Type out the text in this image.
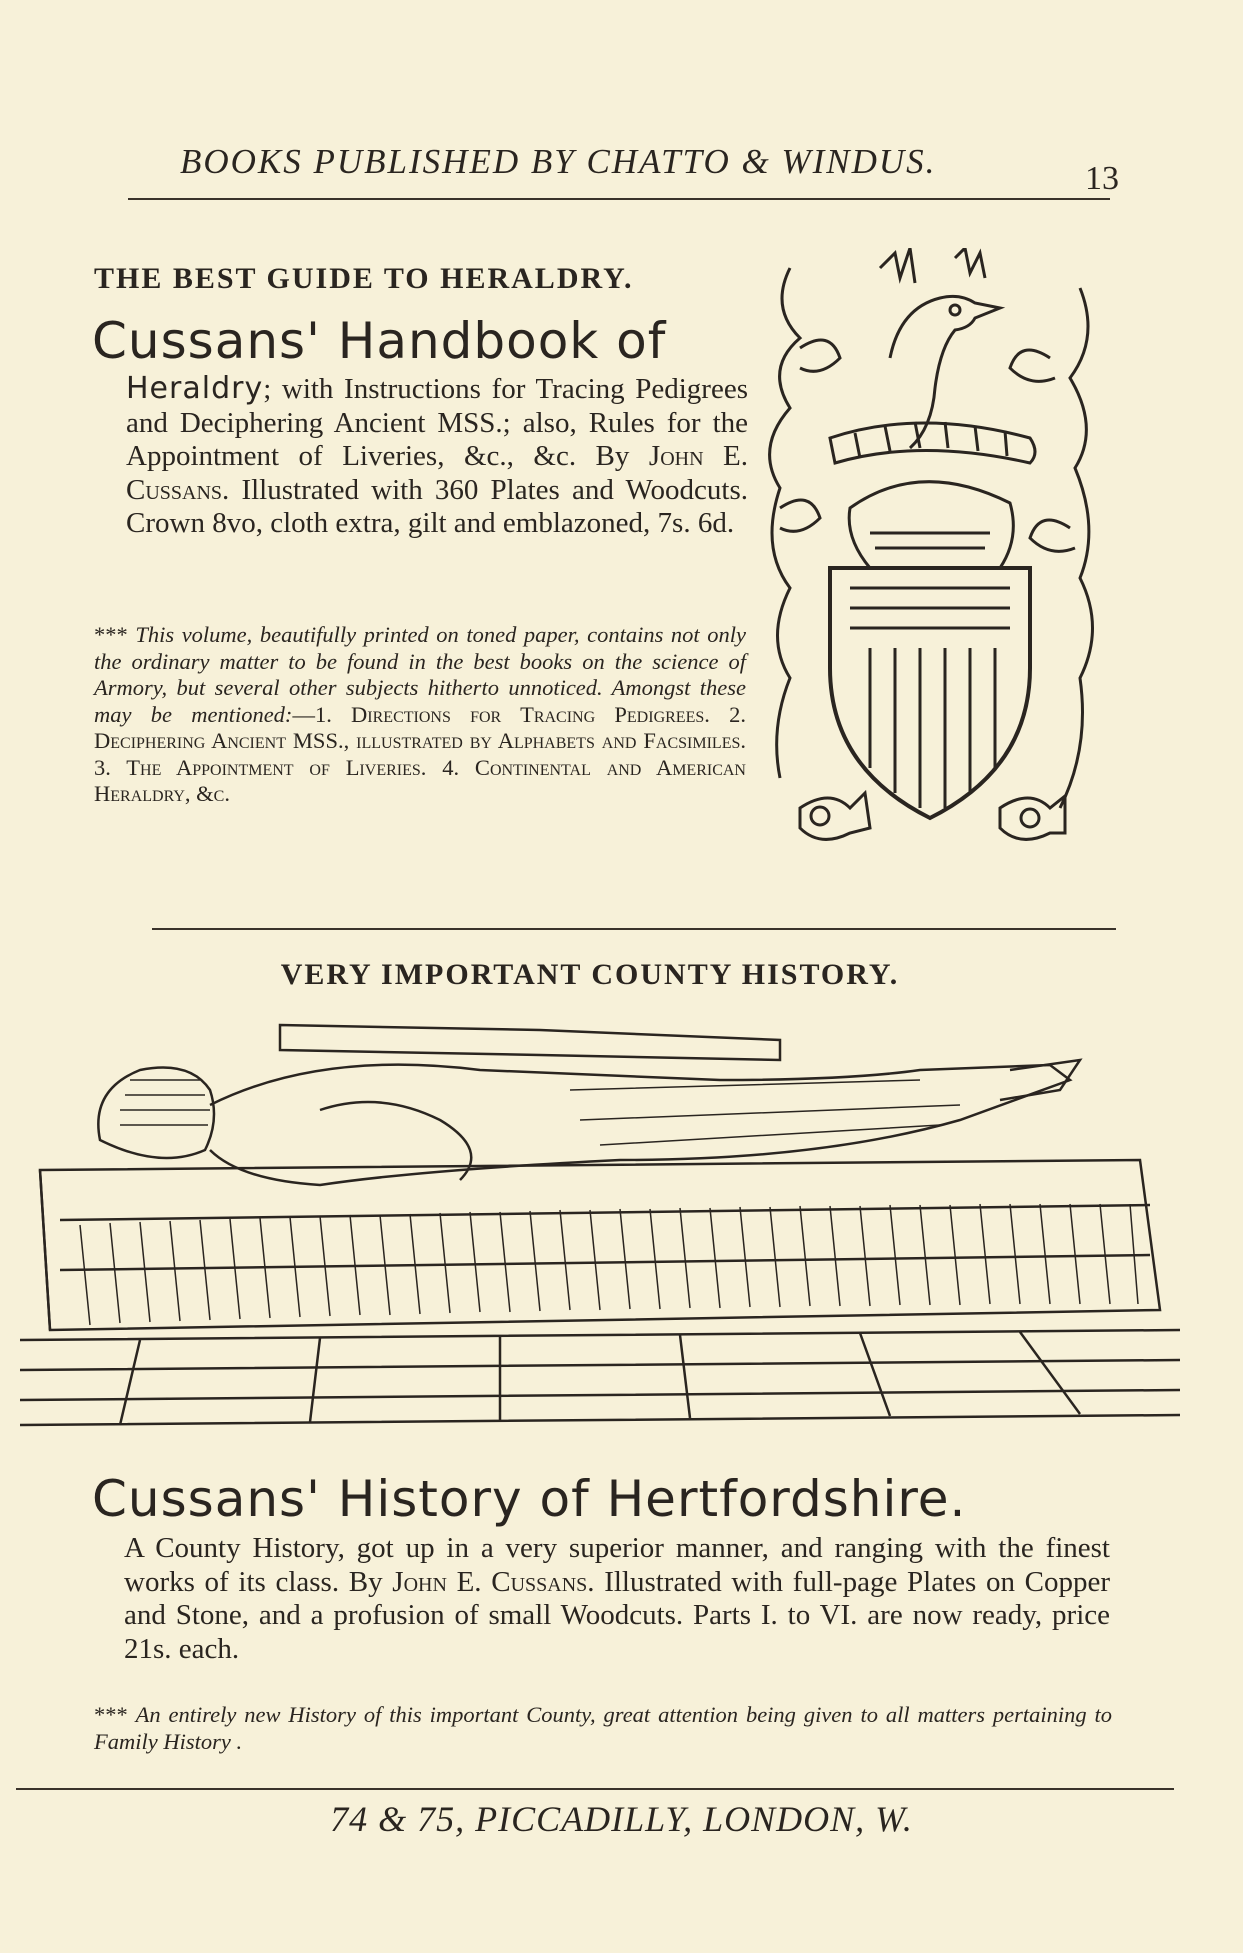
BOOKS PUBLISHED BY CHATTO & WINDUS.	13
THE BEST GUIDE TO HERALDRY.
Cussans' Handbook of
Heraldry; with Instructions for Tracing Pedigrees and Deciphering Ancient MSS.; also, Rules for the Appointment of Liveries, &c., &c. By John E. Cussans. Illustrated with 360 Plates and Woodcuts. Crown 8vo, cloth extra, gilt and emblazoned, 7s. 6d.
*** This volume, beautifully printed on toned paper, contains not only the ordinary matter to be found in the best books on the science of Armory, but several other subjects hitherto unnoticed. Amongst these may be mentioned:—1. Directions for Tracing Pedigrees. 2. Deciphering Ancient MSS., illustrated by Alphabets and Facsimiles. 3. The Appointment of Liveries. 4. Continental and American Heraldry, &c.
VERY IMPORTANT COUNTY HISTORY.
Cussans' History of Hertfordshire.
A County History, got up in a very superior manner, and ranging with the finest works of its class. By John E. Cussans. Illustrated with full-page Plates on Copper and Stone, and a profusion of small Woodcuts. Parts I. to VI. are now ready, price 21s. each.
*** An entirely new History of this important County, great attention being given to all matters pertaining to Family History .
74 & 75, PICCADILLY, LONDON, W.
